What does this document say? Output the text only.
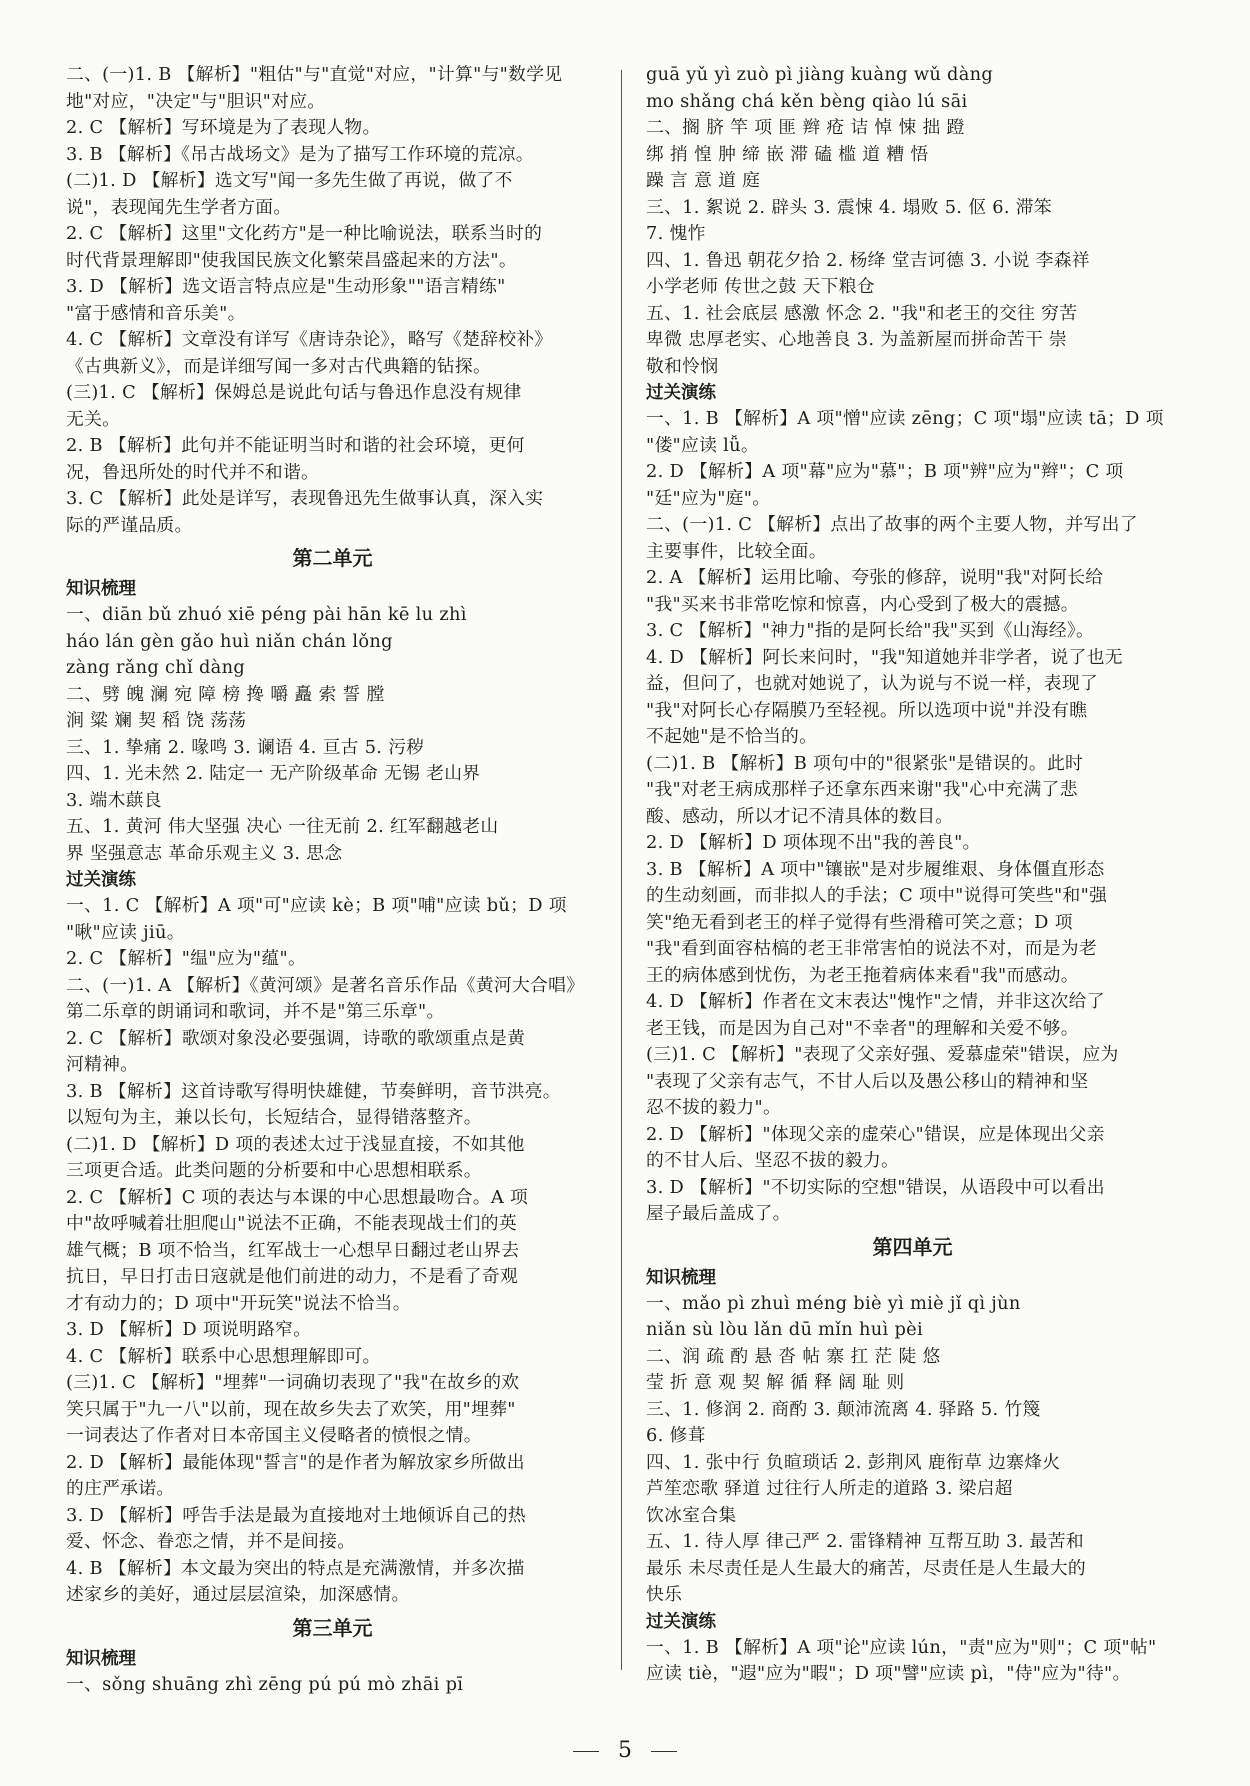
二、(一)1. B 【解析】"粗估"与"直觉"对应，"计算"与"数学见
地"对应，"决定"与"胆识"对应。
2. C 【解析】写环境是为了表现人物。
3. B 【解析】《吊古战场文》是为了描写工作环境的荒凉。
(二)1. D 【解析】选文写"闻一多先生做了再说，做了不
说"，表现闻先生学者方面。
2. C 【解析】这里"文化药方"是一种比喻说法，联系当时的
时代背景理解即"使我国民族文化繁荣昌盛起来的方法"。
3. D 【解析】选文语言特点应是"生动形象""语言精练"
"富于感情和音乐美"。
4. C 【解析】文章没有详写《唐诗杂论》，略写《楚辞校补》
《古典新义》，而是详细写闻一多对古代典籍的钻探。
(三)1. C 【解析】保姆总是说此句话与鲁迅作息没有规律
无关。
2. B 【解析】此句并不能证明当时和谐的社会环境，更何
况，鲁迅所处的时代并不和谐。
3. C 【解析】此处是详写，表现鲁迅先生做事认真，深入实
际的严谨品质。
第二单元
知识梳理
一、diān bǔ zhuó xiē péng pài hān kē lu zhì
háo lán gèn gǎo huì niǎn chán lǒng
zàng rǎng chǐ dàng
二、劈 魄 澜 宛 障 榜 搀 嚼 矗 索 誓 膛
涧 粱 斓 契 稻 饶 荡荡
三、1. 挚痛 2. 喙鸣 3. 谰语 4. 亘古 5. 污秽
四、1. 光未然 2. 陆定一 无产阶级革命 无锡 老山界
3. 端木蕻良
五、1. 黄河 伟大坚强 决心 一往无前 2. 红军翻越老山
界 坚强意志 革命乐观主义 3. 思念
过关演练
一、1. C 【解析】A 项"可"应读 kè；B 项"哺"应读 bǔ；D 项
"啾"应读 jiū。
2. C 【解析】"缊"应为"蕴"。
二、(一)1. A 【解析】《黄河颂》是著名音乐作品《黄河大合唱》
第二乐章的朗诵词和歌词，并不是"第三乐章"。
2. C 【解析】歌颂对象没必要强调，诗歌的歌颂重点是黄
河精神。
3. B 【解析】这首诗歌写得明快雄健，节奏鲜明，音节洪亮。
以短句为主，兼以长句，长短结合，显得错落整齐。
(二)1. D 【解析】D 项的表述太过于浅显直接，不如其他
三项更合适。此类问题的分析要和中心思想相联系。
2. C 【解析】C 项的表达与本课的中心思想最吻合。A 项
中"故呼喊着壮胆爬山"说法不正确，不能表现战士们的英
雄气概；B 项不恰当，红军战士一心想早日翻过老山界去
抗日，早日打击日寇就是他们前进的动力，不是看了奇观
才有动力的；D 项中"开玩笑"说法不恰当。
3. D 【解析】D 项说明路窄。
4. C 【解析】联系中心思想理解即可。
(三)1. C 【解析】"埋葬"一词确切表现了"我"在故乡的欢
笑只属于"九一八"以前，现在故乡失去了欢笑，用"埋葬"
一词表达了作者对日本帝国主义侵略者的愤恨之情。
2. D 【解析】最能体现"誓言"的是作者为解放家乡所做出
的庄严承诺。
3. D 【解析】呼告手法是最为直接地对土地倾诉自己的热
爱、怀念、眷恋之情，并不是间接。
4. B 【解析】本文最为突出的特点是充满激情，并多次描
述家乡的美好，通过层层渲染，加深感情。
第三单元
知识梳理
一、sǒng shuāng zhì zēng pú pú mò zhāi pī
guā yǔ yì zuò pì jiàng kuàng wǔ dàng
mo shǎng chá kěn bèng qiào lú sāi
二、搁 脐 竿 项 匪 辫 疮 诘 悼 悚 拙 蹬
绑 捎 惶 肿 缔 嵌 滞 磕 槛 道 糟 悟
躁 言 意 道 庭
三、1. 絮说 2. 辟头 3. 震悚 4. 塌败 5. 伛 6. 滞笨
7. 愧怍
四、1. 鲁迅 朝花夕拾 2. 杨绛 堂吉诃德 3. 小说 李森祥
小学老师 传世之鼓 天下粮仓
五、1. 社会底层 感激 怀念 2. "我"和老王的交往 穷苦
卑微 忠厚老实、心地善良 3. 为盖新屋而拼命苦干 崇
敬和怜悯
过关演练
一、1. B 【解析】A 项"憎"应读 zēng；C 项"塌"应读 tā；D 项
"偻"应读 lǚ。
2. D 【解析】A 项"幕"应为"慕"；B 项"辨"应为"辫"；C 项
"廷"应为"庭"。
二、(一)1. C 【解析】点出了故事的两个主要人物，并写出了
主要事件，比较全面。
2. A 【解析】运用比喻、夸张的修辞，说明"我"对阿长给
"我"买来书非常吃惊和惊喜，内心受到了极大的震撼。
3. C 【解析】"神力"指的是阿长给"我"买到《山海经》。
4. D 【解析】阿长来问时，"我"知道她并非学者，说了也无
益，但问了，也就对她说了，认为说与不说一样，表现了
"我"对阿长心存隔膜乃至轻视。所以选项中说"并没有瞧
不起她"是不恰当的。
(二)1. B 【解析】B 项句中的"很紧张"是错误的。此时
"我"对老王病成那样子还拿东西来谢"我"心中充满了悲
酸、感动，所以才记不清具体的数目。
2. D 【解析】D 项体现不出"我的善良"。
3. B 【解析】A 项中"镶嵌"是对步履维艰、身体僵直形态
的生动刻画，而非拟人的手法；C 项中"说得可笑些"和"强
笑"绝无看到老王的样子觉得有些滑稽可笑之意；D 项
"我"看到面容枯槁的老王非常害怕的说法不对，而是为老
王的病体感到忧伤，为老王拖着病体来看"我"而感动。
4. D 【解析】作者在文末表达"愧怍"之情，并非这次给了
老王钱，而是因为自己对"不幸者"的理解和关爱不够。
(三)1. C 【解析】"表现了父亲好强、爱慕虚荣"错误，应为
"表现了父亲有志气，不甘人后以及愚公移山的精神和坚
忍不拔的毅力"。
2. D 【解析】"体现父亲的虚荣心"错误，应是体现出父亲
的不甘人后、坚忍不拔的毅力。
3. D 【解析】"不切实际的空想"错误，从语段中可以看出
屋子最后盖成了。
第四单元
知识梳理
一、mǎo pì zhuì méng biè yì miè jǐ qì jùn
niǎn sù lòu lǎn dū mǐn huì pèi
二、润 疏 酌 悬 沓 帖 寨 扛 茫 陡 悠
莹 折 意 观 契 解 循 释 阔 耻 则
三、1. 修润 2. 商酌 3. 颠沛流离 4. 驿路 5. 竹篾
6. 修葺
四、1. 张中行 负暄琐话 2. 彭荆风 鹿衔草 边寨烽火
芦笙恋歌 驿道 过往行人所走的道路 3. 梁启超
饮冰室合集
五、1. 待人厚 律己严 2. 雷锋精神 互帮互助 3. 最苦和
最乐 未尽责任是人生最大的痛苦，尽责任是人生最大的
快乐
过关演练
一、1. B 【解析】A 项"论"应读 lún，"责"应为"则"；C 项"帖"
应读 tiè，"遐"应为"暇"；D 项"譬"应读 pì，"侍"应为"待"。
5
